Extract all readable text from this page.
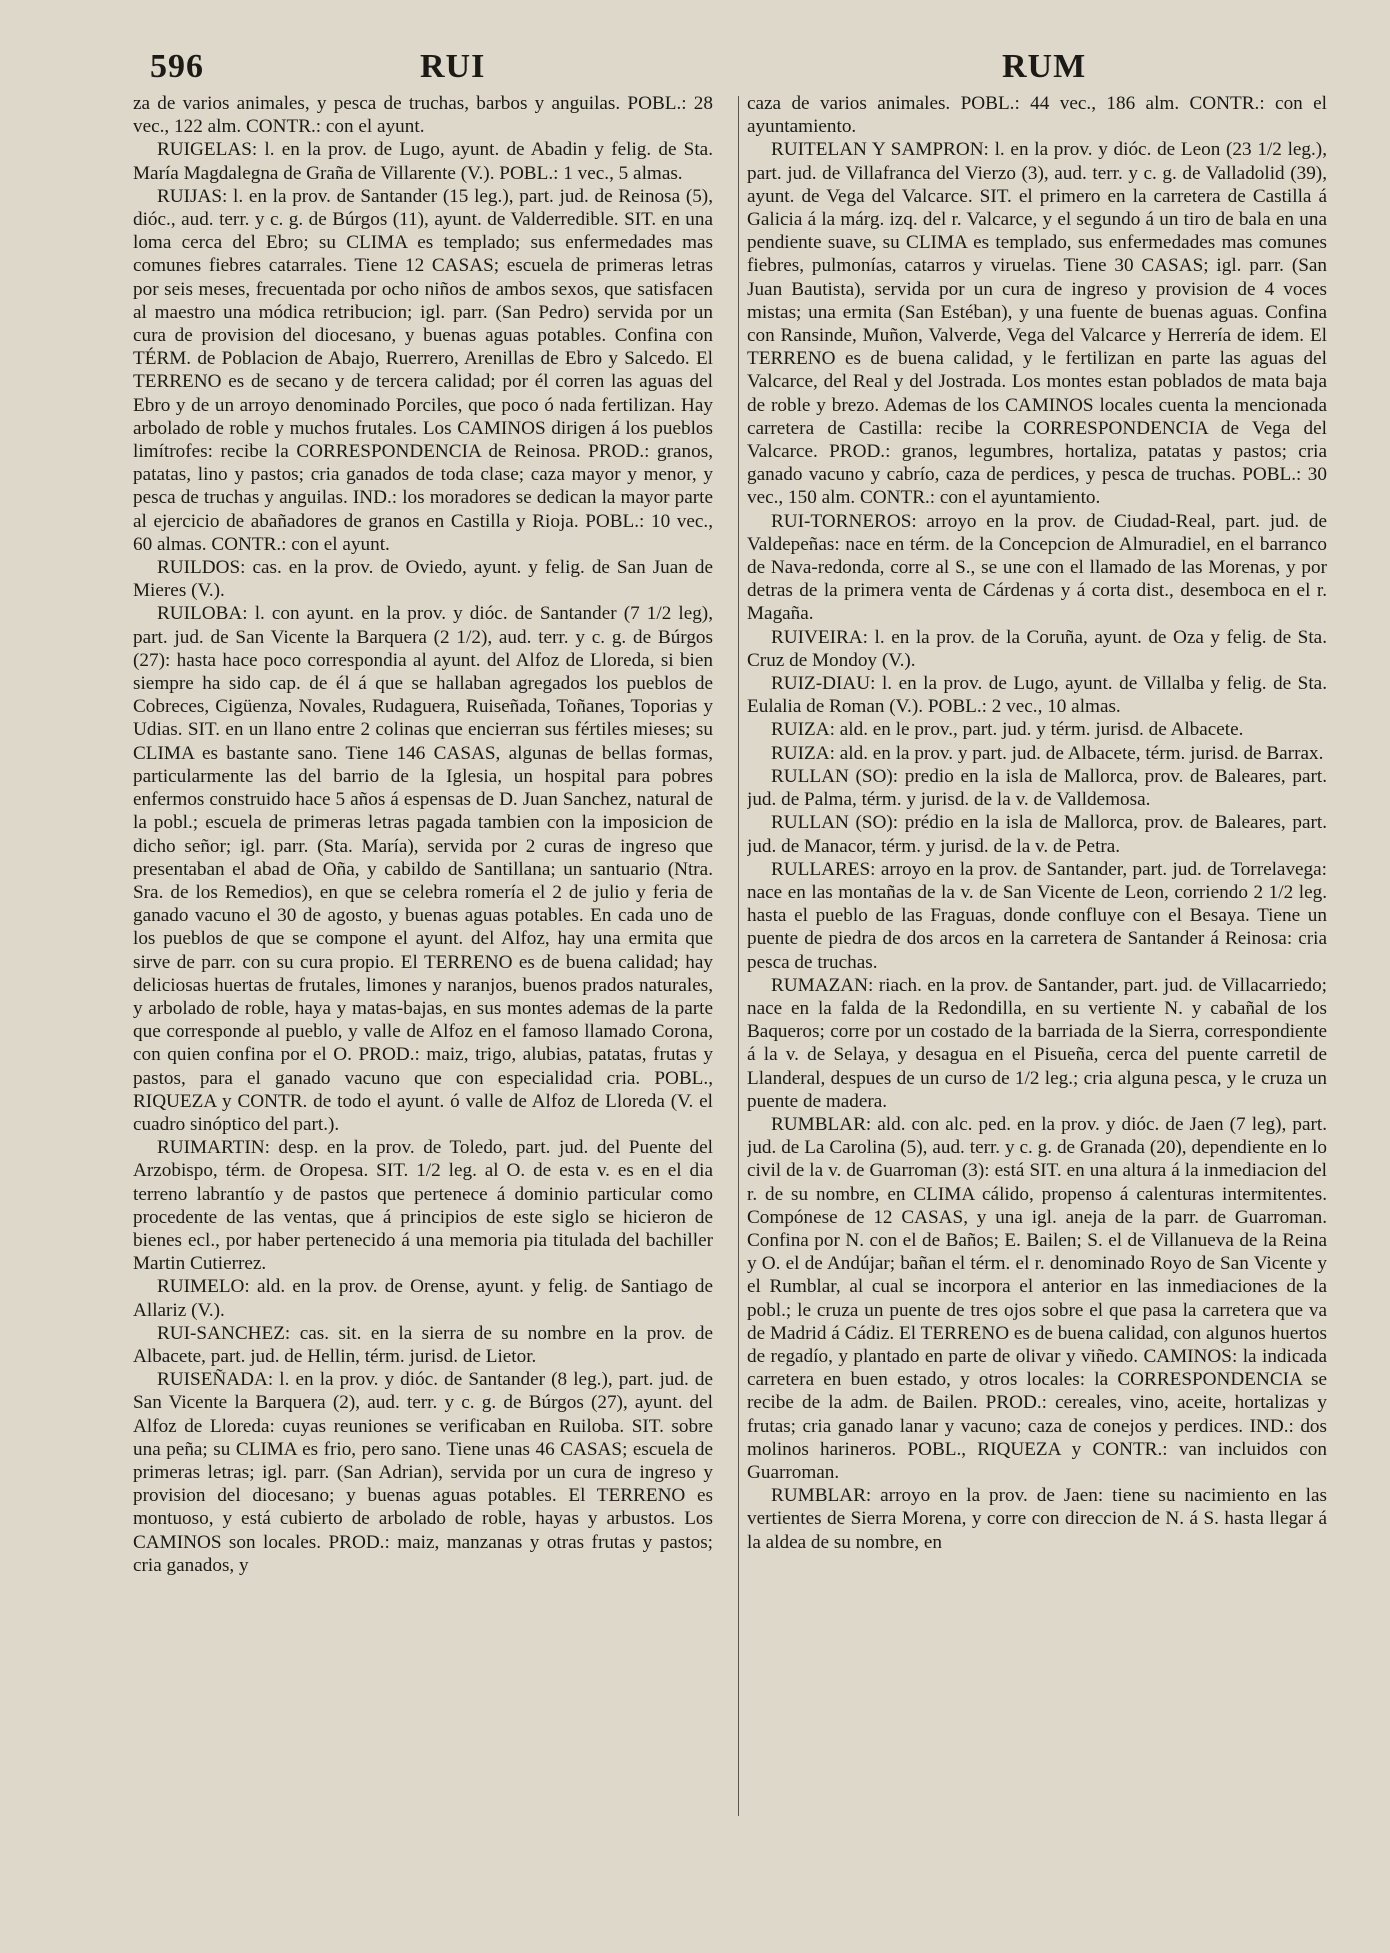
596	RUI	RUM

za de varios animales, y pesca de truchas, barbos y anguilas. POBL.: 28 vec., 122 alm. CONTR.: con el ayunt.

RUIGELAS: l. en la prov. de Lugo, ayunt. de Abadin y felig. de Sta. María Magdalegna de Graña de Villarente (V.). POBL.: 1 vec., 5 almas.

RUIJAS: l. en la prov. de Santander (15 leg.), part. jud. de Reinosa (5), dióc., aud. terr. y c. g. de Búrgos (11), ayunt. de Valderredible. SIT. en una loma cerca del Ebro; su CLIMA es templado; sus enfermedades mas comunes fiebres catarrales. Tiene 12 CASAS; escuela de primeras letras por seis meses, frecuentada por ocho niños de ambos sexos, que satisfacen al maestro una módica retribucion; igl. parr. (San Pedro) servida por un cura de provision del diocesano, y buenas aguas potables. Confina con TÉRM. de Poblacion de Abajo, Ruerrero, Arenillas de Ebro y Salcedo. El TERRENO es de secano y de tercera calidad; por él corren las aguas del Ebro y de un arroyo denominado Porciles, que poco ó nada fertilizan. Hay arbolado de roble y muchos frutales. Los CAMINOS dirigen á los pueblos limítrofes: recibe la CORRESPONDENCIA de Reinosa. PROD.: granos, patatas, lino y pastos; cria ganados de toda clase; caza mayor y menor, y pesca de truchas y anguilas. IND.: los moradores se dedican la mayor parte al ejercicio de abañadores de granos en Castilla y Rioja. POBL.: 10 vec., 60 almas. CONTR.: con el ayunt.

RUILDOS: cas. en la prov. de Oviedo, ayunt. y felig. de San Juan de Mieres (V.).

RUILOBA: l. con ayunt. en la prov. y dióc. de Santander (7 1/2 leg), part. jud. de San Vicente la Barquera (2 1/2), aud. terr. y c. g. de Búrgos (27): hasta hace poco correspondia al ayunt. del Alfoz de Lloreda, si bien siempre ha sido cap. de él á que se hallaban agregados los pueblos de Cobreces, Cigüenza, Novales, Rudaguera, Ruiseñada, Toñanes, Toporias y Udias. SIT. en un llano entre 2 colinas que encierran sus fértiles mieses; su CLIMA es bastante sano. Tiene 146 CASAS, algunas de bellas formas, particularmente las del barrio de la Iglesia, un hospital para pobres enfermos construido hace 5 años á espensas de D. Juan Sanchez, natural de la pobl.; escuela de primeras letras pagada tambien con la imposicion de dicho señor; igl. parr. (Sta. María), servida por 2 curas de ingreso que presentaban el abad de Oña, y cabildo de Santillana; un santuario (Ntra. Sra. de los Remedios), en que se celebra romería el 2 de julio y feria de ganado vacuno el 30 de agosto, y buenas aguas potables. En cada uno de los pueblos de que se compone el ayunt. del Alfoz, hay una ermita que sirve de parr. con su cura propio. El TERRENO es de buena calidad; hay deliciosas huertas de frutales, limones y naranjos, buenos prados naturales, y arbolado de roble, haya y matas-bajas, en sus montes ademas de la parte que corresponde al pueblo, y valle de Alfoz en el famoso llamado Corona, con quien confina por el O. PROD.: maiz, trigo, alubias, patatas, frutas y pastos, para el ganado vacuno que con especialidad cria. POBL., RIQUEZA y CONTR. de todo el ayunt. ó valle de Alfoz de Lloreda (V. el cuadro sinóptico del part.).

RUIMARTIN: desp. en la prov. de Toledo, part. jud. del Puente del Arzobispo, térm. de Oropesa. SIT. 1/2 leg. al O. de esta v. es en el dia terreno labrantío y de pastos que pertenece á dominio particular como procedente de las ventas, que á principios de este siglo se hicieron de bienes ecl., por haber pertenecido á una memoria pia titulada del bachiller Martin Cutierrez.

RUIMELO: ald. en la prov. de Orense, ayunt. y felig. de Santiago de Allariz (V.).

RUI-SANCHEZ: cas. sit. en la sierra de su nombre en la prov. de Albacete, part. jud. de Hellin, térm. jurisd. de Lietor.

RUISEÑADA: l. en la prov. y dióc. de Santander (8 leg.), part. jud. de San Vicente la Barquera (2), aud. terr. y c. g. de Búrgos (27), ayunt. del Alfoz de Lloreda: cuyas reuniones se verificaban en Ruiloba. SIT. sobre una peña; su CLIMA es frio, pero sano. Tiene unas 46 CASAS; escuela de primeras letras; igl. parr. (San Adrian), servida por un cura de ingreso y provision del diocesano; y buenas aguas potables. El TERRENO es montuoso, y está cubierto de arbolado de roble, hayas y arbustos. Los CAMINOS son locales. PROD.: maiz, manzanas y otras frutas y pastos; cria ganados, y

caza de varios animales. POBL.: 44 vec., 186 alm. CONTR.: con el ayuntamiento.

RUITELAN Y SAMPRON: l. en la prov. y dióc. de Leon (23 1/2 leg.), part. jud. de Villafranca del Vierzo (3), aud. terr. y c. g. de Valladolid (39), ayunt. de Vega del Valcarce. SIT. el primero en la carretera de Castilla á Galicia á la márg. izq. del r. Valcarce, y el segundo á un tiro de bala en una pendiente suave, su CLIMA es templado, sus enfermedades mas comunes fiebres, pulmonías, catarros y viruelas. Tiene 30 CASAS; igl. parr. (San Juan Bautista), servida por un cura de ingreso y provision de 4 voces mistas; una ermita (San Estéban), y una fuente de buenas aguas. Confina con Ransinde, Muñon, Valverde, Vega del Valcarce y Herrería de idem. El TERRENO es de buena calidad, y le fertilizan en parte las aguas del Valcarce, del Real y del Jostrada. Los montes estan poblados de mata baja de roble y brezo. Ademas de los CAMINOS locales cuenta la mencionada carretera de Castilla: recibe la CORRESPONDENCIA de Vega del Valcarce. PROD.: granos, legumbres, hortaliza, patatas y pastos; cria ganado vacuno y cabrío, caza de perdices, y pesca de truchas. POBL.: 30 vec., 150 alm. CONTR.: con el ayuntamiento.

RUI-TORNEROS: arroyo en la prov. de Ciudad-Real, part. jud. de Valdepeñas: nace en térm. de la Concepcion de Almuradiel, en el barranco de Nava-redonda, corre al S., se une con el llamado de las Morenas, y por detras de la primera venta de Cárdenas y á corta dist., desemboca en el r. Magaña.

RUIVEIRA: l. en la prov. de la Coruña, ayunt. de Oza y felig. de Sta. Cruz de Mondoy (V.).

RUIZ-DIAU: l. en la prov. de Lugo, ayunt. de Villalba y felig. de Sta. Eulalia de Roman (V.). POBL.: 2 vec., 10 almas.

RUIZA: ald. en le prov., part. jud. y térm. jurisd. de Albacete.

RUIZA: ald. en la prov. y part. jud. de Albacete, térm. jurisd. de Barrax.

RULLAN (SO): predio en la isla de Mallorca, prov. de Baleares, part. jud. de Palma, térm. y jurisd. de la v. de Valldemosa.

RULLAN (SO): prédio en la isla de Mallorca, prov. de Baleares, part. jud. de Manacor, térm. y jurisd. de la v. de Petra.

RULLARES: arroyo en la prov. de Santander, part. jud. de Torrelavega: nace en las montañas de la v. de San Vicente de Leon, corriendo 2 1/2 leg. hasta el pueblo de las Fraguas, donde confluye con el Besaya. Tiene un puente de piedra de dos arcos en la carretera de Santander á Reinosa: cria pesca de truchas.

RUMAZAN: riach. en la prov. de Santander, part. jud. de Villacarriedo; nace en la falda de la Redondilla, en su vertiente N. y cabañal de los Baqueros; corre por un costado de la barriada de la Sierra, correspondiente á la v. de Selaya, y desagua en el Pisueña, cerca del puente carretil de Llanderal, despues de un curso de 1/2 leg.; cria alguna pesca, y le cruza un puente de madera.

RUMBLAR: ald. con alc. ped. en la prov. y dióc. de Jaen (7 leg), part. jud. de La Carolina (5), aud. terr. y c. g. de Granada (20), dependiente en lo civil de la v. de Guarroman (3): está SIT. en una altura á la inmediacion del r. de su nombre, en CLIMA cálido, propenso á calenturas intermitentes. Compónese de 12 CASAS, y una igl. aneja de la parr. de Guarroman. Confina por N. con el de Baños; E. Bailen; S. el de Villanueva de la Reina y O. el de Andújar; bañan el térm. el r. denominado Royo de San Vicente y el Rumblar, al cual se incorpora el anterior en las inmediaciones de la pobl.; le cruza un puente de tres ojos sobre el que pasa la carretera que va de Madrid á Cádiz. El TERRENO es de buena calidad, con algunos huertos de regadío, y plantado en parte de olivar y viñedo. CAMINOS: la indicada carretera en buen estado, y otros locales: la CORRESPONDENCIA se recibe de la adm. de Bailen. PROD.: cereales, vino, aceite, hortalizas y frutas; cria ganado lanar y vacuno; caza de conejos y perdices. IND.: dos molinos harineros. POBL., RIQUEZA y CONTR.: van incluidos con Guarroman.

RUMBLAR: arroyo en la prov. de Jaen: tiene su nacimiento en las vertientes de Sierra Morena, y corre con direccion de N. á S. hasta llegar á la aldea de su nombre, en
